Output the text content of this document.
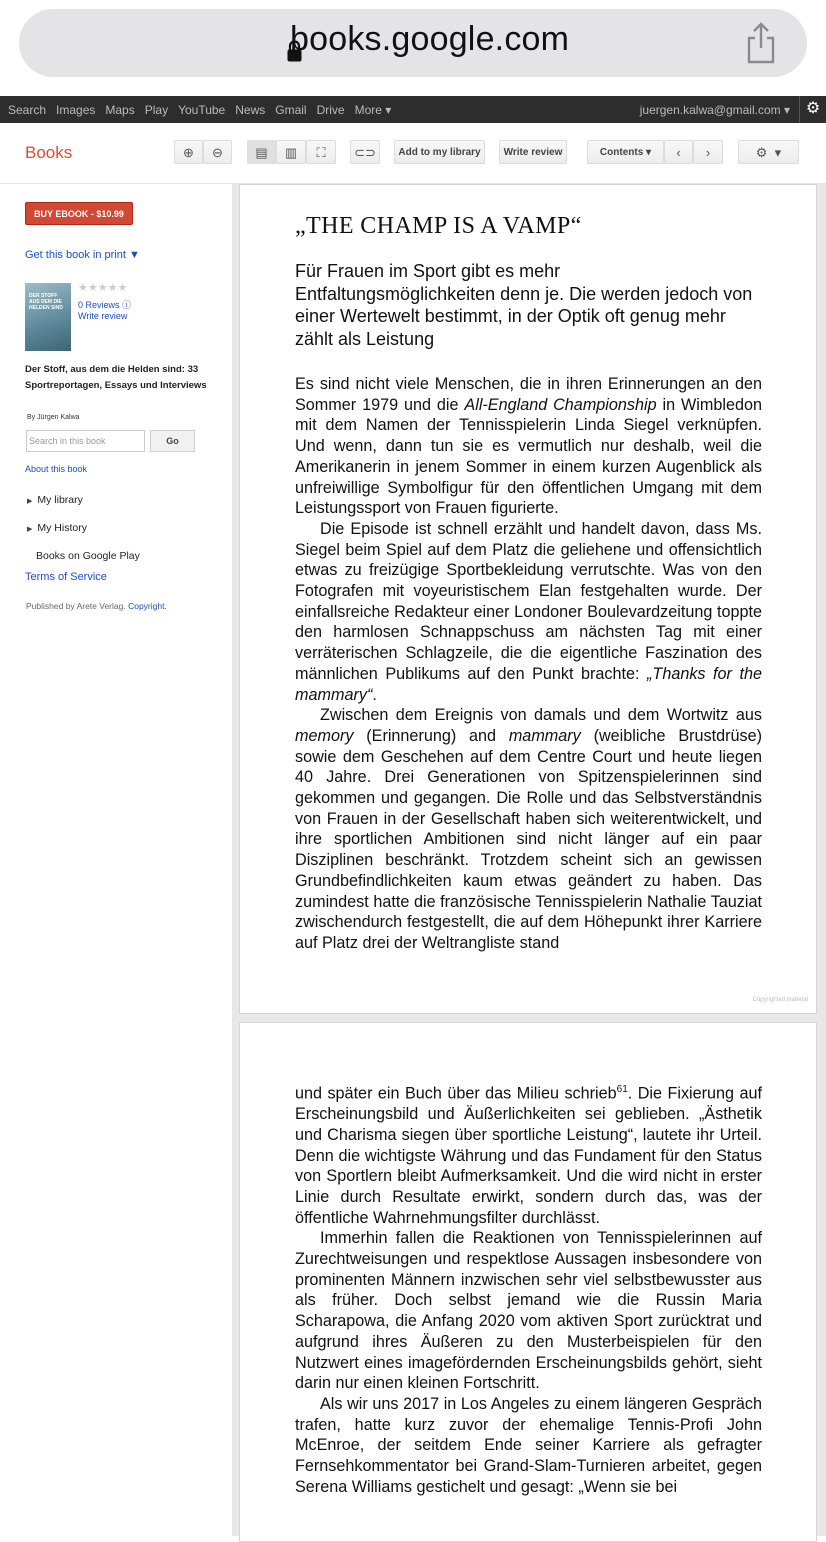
books.google.com
Search Images Maps Play YouTube News Gmail Drive More ▾	juergen.kalwa@gmail.com ▾ ⚙
Books	⊕	⊖	▤	▥	⛶	⊂⊃	Add to my library	Write review	Contents ▾	‹	›	⚙  ▾
BUY EBOOK - $10.99
Get this book in print ▼
DER STOFF AUS DEM DIE HELDEN SIND
★★★★★
0 Reviews ⓘ
Write review
Der Stoff, aus dem die Helden sind: 33 Sportreportagen, Essays und Interviews
By Jürgen Kalwa
Search in this book	Go
About this book
▶ My library
▶ My History
Books on Google Play
Terms of Service
Published by Arete Verlag. Copyright.
„THE CHAMP IS A VAMP“
Für Frauen im Sport gibt es mehr Entfaltungsmöglichkeiten denn je. Die werden jedoch von einer Wertewelt bestimmt, in der Optik oft genug mehr zählt als Leistung

Es sind nicht viele Menschen, die in ihren Erinnerungen an den Sommer 1979 und die All-England Championship in Wimbledon mit dem Namen der Tennisspielerin Linda Siegel verknüpfen. Und wenn, dann tun sie es vermutlich nur deshalb, weil die Amerikanerin in jenem Sommer in einem kurzen Augenblick als unfreiwillige Symbolfigur für den öffentlichen Umgang mit dem Leistungssport von Frauen figurierte.

Die Episode ist schnell erzählt und handelt davon, dass Ms. Siegel beim Spiel auf dem Platz die geliehene und offensichtlich etwas zu freizügige Sportbekleidung verrutschte. Was von den Fotografen mit voyeuristischem Elan festgehalten wurde. Der einfallsreiche Redakteur einer Londoner Boulevardzeitung toppte den harmlosen Schnappschuss am nächsten Tag mit einer verräterischen Schlagzeile, die die eigentliche Faszination des männlichen Publikums auf den Punkt brachte: „Thanks for the mammary“.

Zwischen dem Ereignis von damals und dem Wortwitz aus memory (Erinnerung) and mammary (weibliche Brustdrüse) sowie dem Geschehen auf dem Centre Court und heute liegen 40 Jahre. Drei Generationen von Spitzenspielerinnen sind gekommen und gegangen. Die Rolle und das Selbstverständnis von Frauen in der Gesellschaft haben sich weiterentwickelt, und ihre sportlichen Ambitionen sind nicht länger auf ein paar Disziplinen beschränkt. Trotzdem scheint sich an gewissen Grundbefindlichkeiten kaum etwas geändert zu haben. Das zumindest hatte die französische Tennisspielerin Nathalie Tauziat zwischendurch festgestellt, die auf dem Höhepunkt ihrer Karriere auf Platz drei der Weltrangliste stand

Copyrighted material

und später ein Buch über das Milieu schrieb$^{61}$. Die Fixierung auf Erscheinungsbild und Äußerlichkeiten sei geblieben. „Ästhetik und Charisma siegen über sportliche Leistung“, lautete ihr Urteil. Denn die wichtigste Währung und das Fundament für den Status von Sportlern bleibt Aufmerksamkeit. Und die wird nicht in erster Linie durch Resultate erwirkt, sondern durch das, was der öffentliche Wahrnehmungsfilter durchlässt.

Immerhin fallen die Reaktionen von Tennisspielerinnen auf Zurechtweisungen und respektlose Aussagen insbesondere von prominenten Männern inzwischen sehr viel selbstbewusster aus als früher. Doch selbst jemand wie die Russin Maria Scharapowa, die Anfang 2020 vom aktiven Sport zurücktrat und aufgrund ihres Äußeren zu den Musterbeispielen für den Nutzwert eines imagefördernden Erscheinungsbilds gehört, sieht darin nur einen kleinen Fortschritt.

Als wir uns 2017 in Los Angeles zu einem längeren Gespräch trafen, hatte kurz zuvor der ehemalige Tennis-Profi John McEnroe, der seitdem Ende seiner Karriere als gefragter Fernsehkommentator bei Grand-Slam-Turnieren arbeitet, gegen Serena Williams gestichelt und gesagt: „Wenn sie bei
